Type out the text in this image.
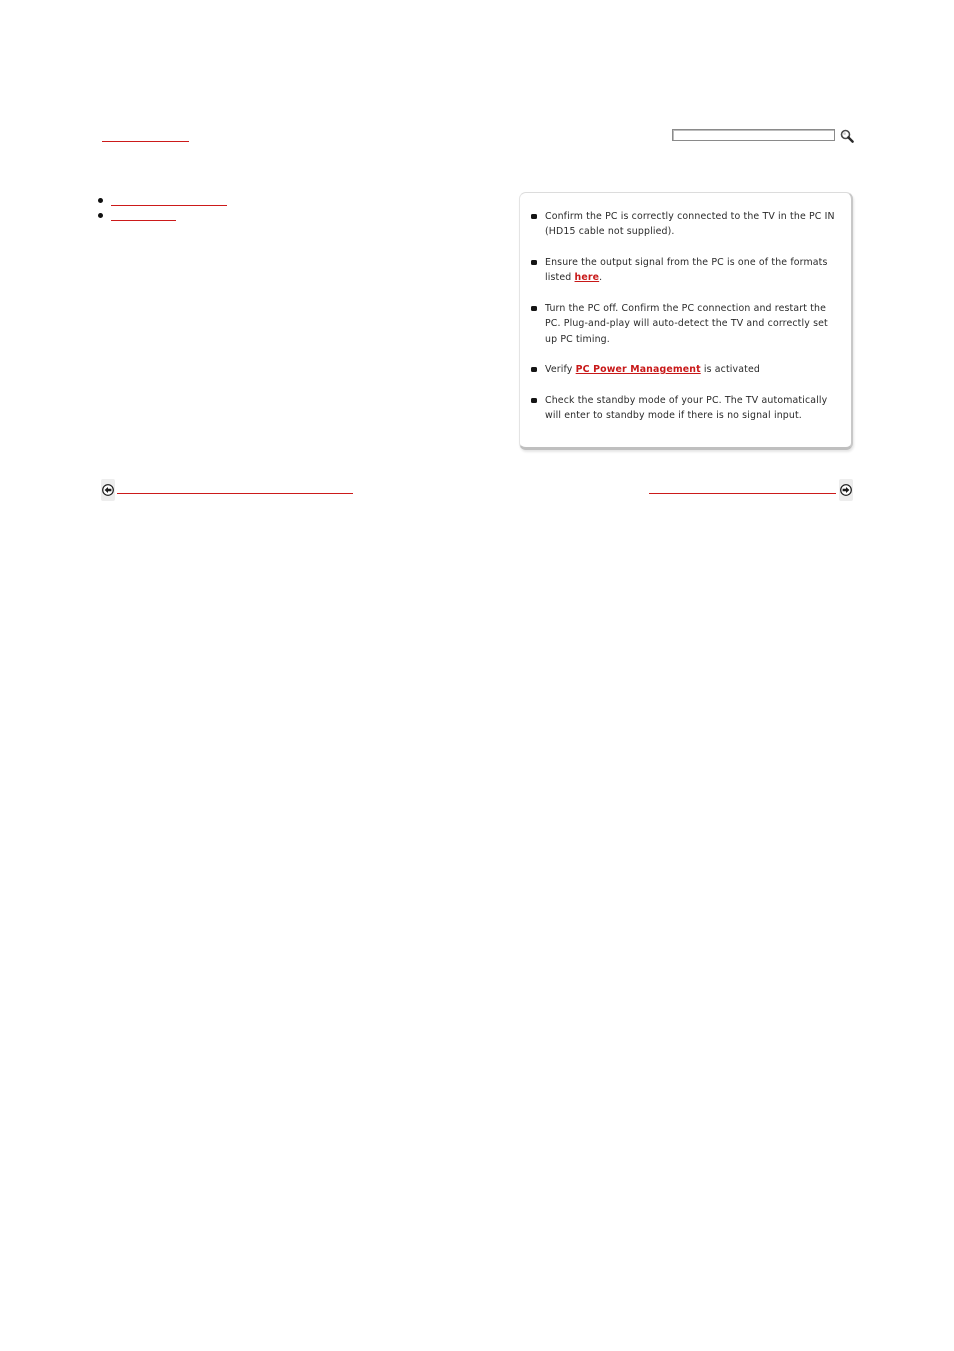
Confirm the PC is correctly connected to the TV in the PC IN (HD15 cable not supplied).
Ensure the output signal from the PC is one of the formats listed here.
Turn the PC off. Confirm the PC connection and restart the PC. Plug-and-play will auto-detect the TV and correctly set up PC timing.
Verify PC Power Management is activated
Check the standby mode of your PC. The TV automatically will enter to standby mode if there is no signal input.
